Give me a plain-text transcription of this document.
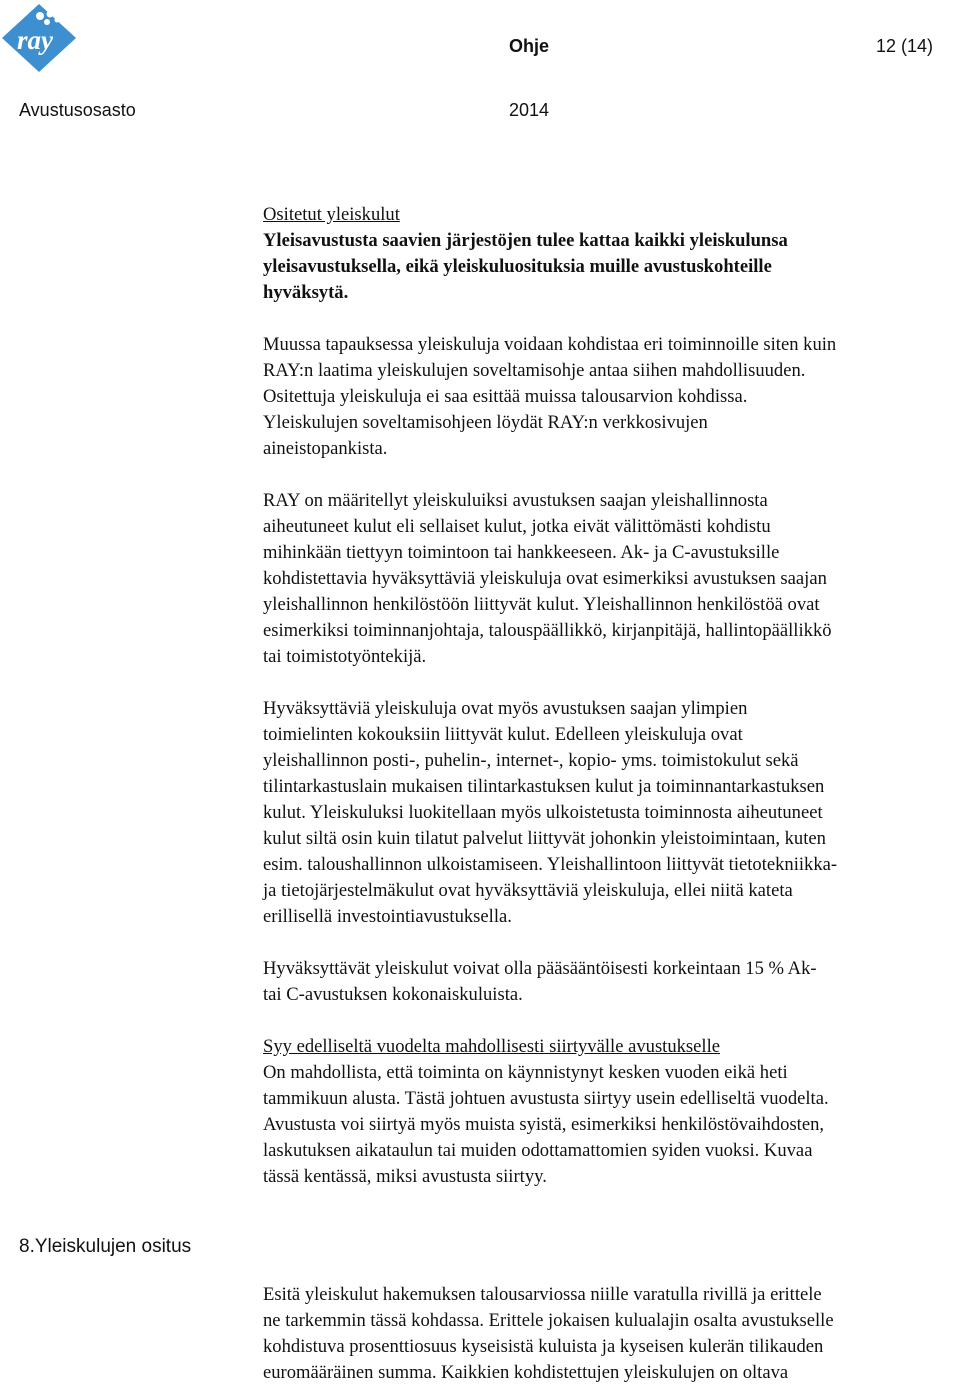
ray	Ohje	12 (14)
Avustusosasto	2014

Ositetut yleiskulut

Yleisavustusta saavien järjestöjen tulee kattaa kaikki yleiskulunsa
yleisavustuksella, eikä yleiskuluosituksia muille avustuskohteille
hyväksytä.

Muussa tapauksessa yleiskuluja voidaan kohdistaa eri toiminnoille siten kuin
RAY:n laatima yleiskulujen soveltamisohje antaa siihen mahdollisuuden.
Ositettuja yleiskuluja ei saa esittää muissa talousarvion kohdissa.
Yleiskulujen soveltamisohjeen löydät RAY:n verkkosivujen
aineistopankista.

RAY on määritellyt yleiskuluiksi avustuksen saajan yleishallinnosta
aiheutuneet kulut eli sellaiset kulut, jotka eivät välittömästi kohdistu
mihinkään tiettyyn toimintoon tai hankkeeseen. Ak- ja C-avustuksille
kohdistettavia hyväksyttäviä yleiskuluja ovat esimerkiksi avustuksen saajan
yleishallinnon henkilöstöön liittyvät kulut. Yleishallinnon henkilöstöä ovat
esimerkiksi toiminnanjohtaja, talouspäällikkö, kirjanpitäjä, hallintopäällikkö
tai toimistotyöntekijä.

Hyväksyttäviä yleiskuluja ovat myös avustuksen saajan ylimpien
toimielinten kokouksiin liittyvät kulut. Edelleen yleiskuluja ovat
yleishallinnon posti-, puhelin-, internet-, kopio- yms. toimistokulut sekä
tilintarkastuslain mukaisen tilintarkastuksen kulut ja toiminnantarkastuksen
kulut. Yleiskuluksi luokitellaan myös ulkoistetusta toiminnosta aiheutuneet
kulut siltä osin kuin tilatut palvelut liittyvät johonkin yleistoimintaan, kuten
esim. taloushallinnon ulkoistamiseen. Yleishallintoon liittyvät tietotekniikka-
ja tietojärjestelmäkulut ovat hyväksyttäviä yleiskuluja, ellei niitä kateta
erillisellä investointiavustuksella.

Hyväksyttävät yleiskulut voivat olla pääsääntöisesti korkeintaan 15 % Ak-
tai C-avustuksen kokonaiskuluista.

Syy edelliseltä vuodelta mahdollisesti siirtyvälle avustukselle

On mahdollista, että toiminta on käynnistynyt kesken vuoden eikä heti
tammikuun alusta. Tästä johtuen avustusta siirtyy usein edelliseltä vuodelta.
Avustusta voi siirtyä myös muista syistä, esimerkiksi henkilöstövaihdosten,
laskutuksen aikataulun tai muiden odottamattomien syiden vuoksi. Kuvaa
tässä kentässä, miksi avustusta siirtyy.

8.Yleiskulujen ositus
Esitä yleiskulut hakemuksen talousarviossa niille varatulla rivillä ja erittele
ne tarkemmin tässä kohdassa. Erittele jokaisen kulualajin osalta avustukselle
kohdistuva prosenttiosuus kyseisistä kuluista ja kyseisen kulerän tilikauden
euromääräinen summa. Kaikkien kohdistettujen yleiskulujen on oltava
